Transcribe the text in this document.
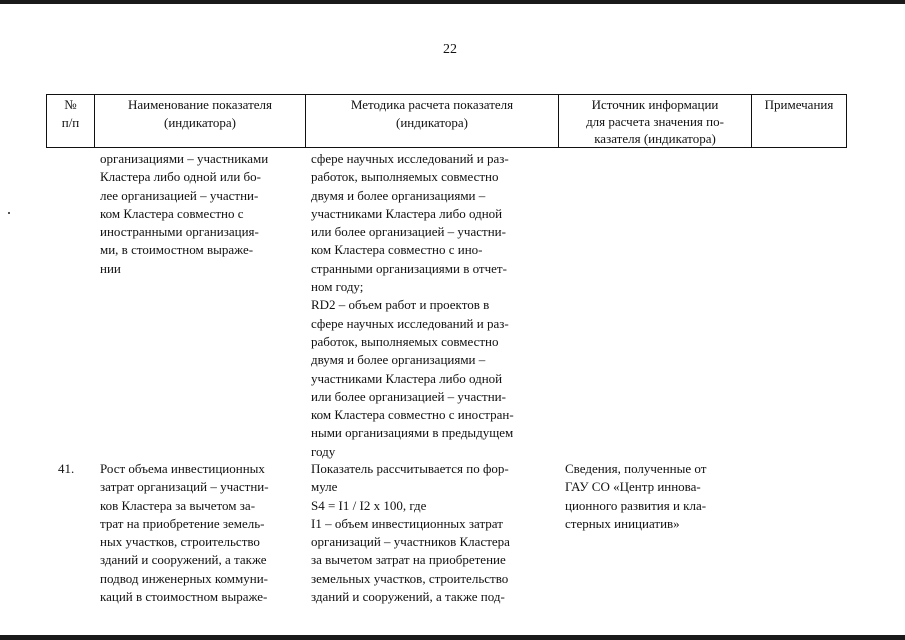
22
№
п/п
Наименование показателя
(индикатора)
Методика расчета показателя
(индикатора)
Источник информации
для расчета значения по-
казателя (индикатора)
Примечания
организациями – участниками
Кластера либо одной или бо-
лее организацией – участни-
ком Кластера совместно с
иностранными организация-
ми, в стоимостном выраже-
нии
сфере научных исследований и раз-
работок, выполняемых совместно
двумя и более организациями –
участниками Кластера либо одной
или более организацией – участни-
ком Кластера совместно с ино-
странными организациями в отчет-
ном году;
RD2 – объем работ и проектов в
сфере научных исследований и раз-
работок, выполняемых совместно
двумя и более организациями –
участниками Кластера либо одной
или более организацией – участни-
ком Кластера совместно с иностран-
ными организациями в предыдущем
году
41.	Рост объема инвестиционных
затрат организаций – участни-
ков Кластера за вычетом за-
трат на приобретение земель-
ных участков, строительство
зданий и сооружений, а также
подвод инженерных коммуни-
каций в стоимостном выраже-
Показатель рассчитывается по фор-
муле
S4 = I1 / I2 x 100, где
I1 – объем инвестиционных затрат
организаций – участников Кластера
за вычетом затрат на приобретение
земельных участков, строительство
зданий и сооружений, а также под-
Сведения, полученные от
ГАУ СО «Центр иннова-
ционного развития и кла-
стерных инициатив»
